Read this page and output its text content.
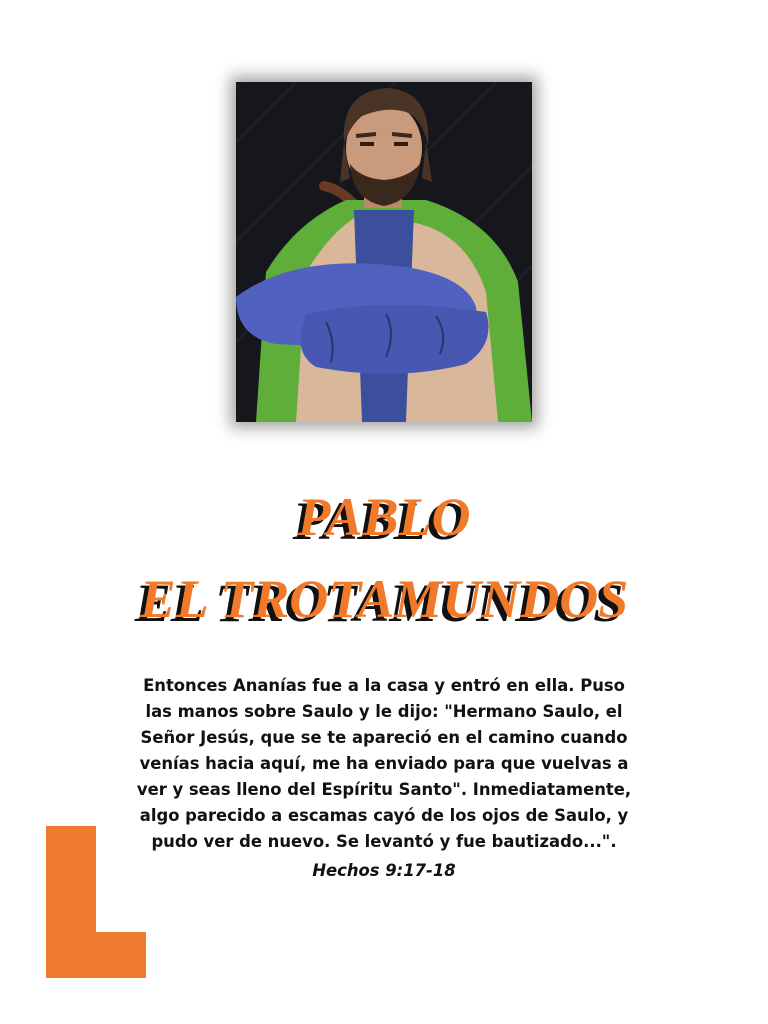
PABLO
EL TROTAMUNDOS
Entonces Ananías fue a la casa y entró en ella. Puso las manos sobre Saulo y le dijo: "Hermano Saulo, el Señor Jesús, que se te apareció en el camino cuando venías hacia aquí, me ha enviado para que vuelvas a ver y seas lleno del Espíritu Santo". Inmediatamente, algo parecido a escamas cayó de los ojos de Saulo, y pudo ver de nuevo. Se levantó y fue bautizado...".
Hechos 9:17-18
